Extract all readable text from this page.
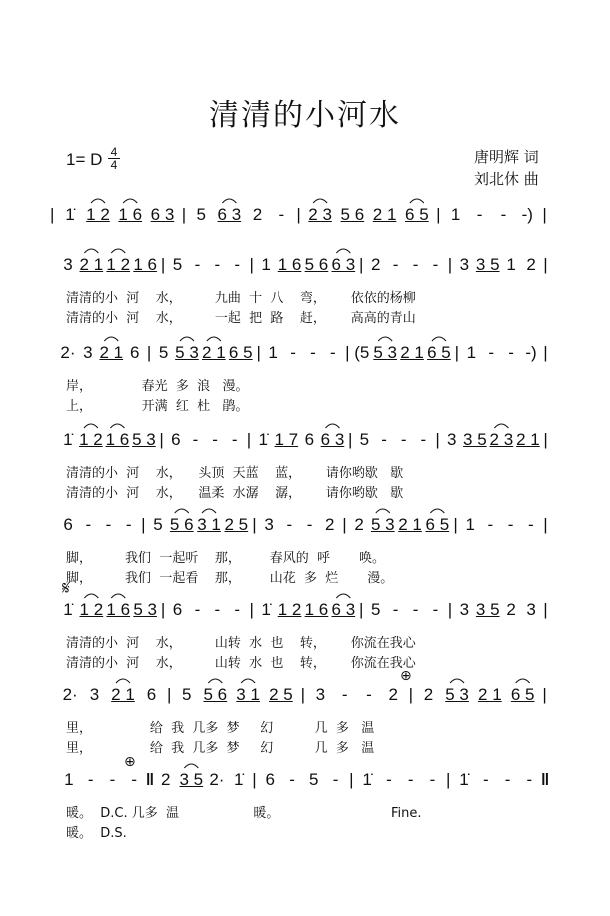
清清的小河水
1= D $\frac{4}{4}$	唐明辉 词
刘北休 曲
| 1̇ 1 2 1 6 6 3 | 5 6 3 2 - | 2 3 5 6 2 1 6 5 | 1 -	- -) |
3 2 1 1 2 1 6 | 5 - - - | 1 1 6 5 6 6 3 | 2 - - - | 3 3 5 1 2 |
清清的小  河    水，        九曲  十  八    弯，      依依的杨柳
清清的小  河    水，        一起  把  路    赶，      高高的青山
2· 3 2 1 6 | 5 5 3 2 1 6 5 | 1 - - - | (5 5 3 2 1 6 5 | 1 - - -) |
岸，            春光  多  浪   漫。
上，            开满  红  杜   鹃。
1̇ 1 2 1 6 5 3 | 6 - - - | 1̇ 1 7 6 6 3 | 5 - - - | 3 3 5 2 3 2 1 |
清清的小  河    水，    头顶  天蓝    蓝，      请你哟歇   歇
清清的小  河    水，    温柔  水潺    潺，      请你哟歇   歇
6 - - - | 5 5 6 3 1 2 5 | 3 - - 2 | 2 5 3 2 1 6 5 | 1 - - - |
脚，        我们  一起听    那，       春风的  呼       唤。
脚，        我们  一起看    那，       山花  多  烂       漫。
1̇ 1 2 1 6 5 3 | 6 - - - | 1̇ 1 2 1 6 6 3 | 5 - - - | 3 3 5 2 3 |
清清的小  河    水，        山转  水  也    转，      你流在我心
清清的小  河    水，        山转  水  也    转，      你流在我心
2· 3 2 1 6 | 5 5 6 3 1 2 5 | 3 -	- 2 | 2 5 3 2 1 6 5 |
里，              给  我  几多  梦     幻          几  多   温
里，              给  我  几多  梦     幻          几  多   温
1 - - - ‖ 2 3 5 2· 1̇ | 6 - 5 - | 1̇ - - - | 1̇ - - - ‖
暖。  D.C. 几多  温                  暖。                           Fine.
暖。  D.S.
𝄋
⊕
⊕
